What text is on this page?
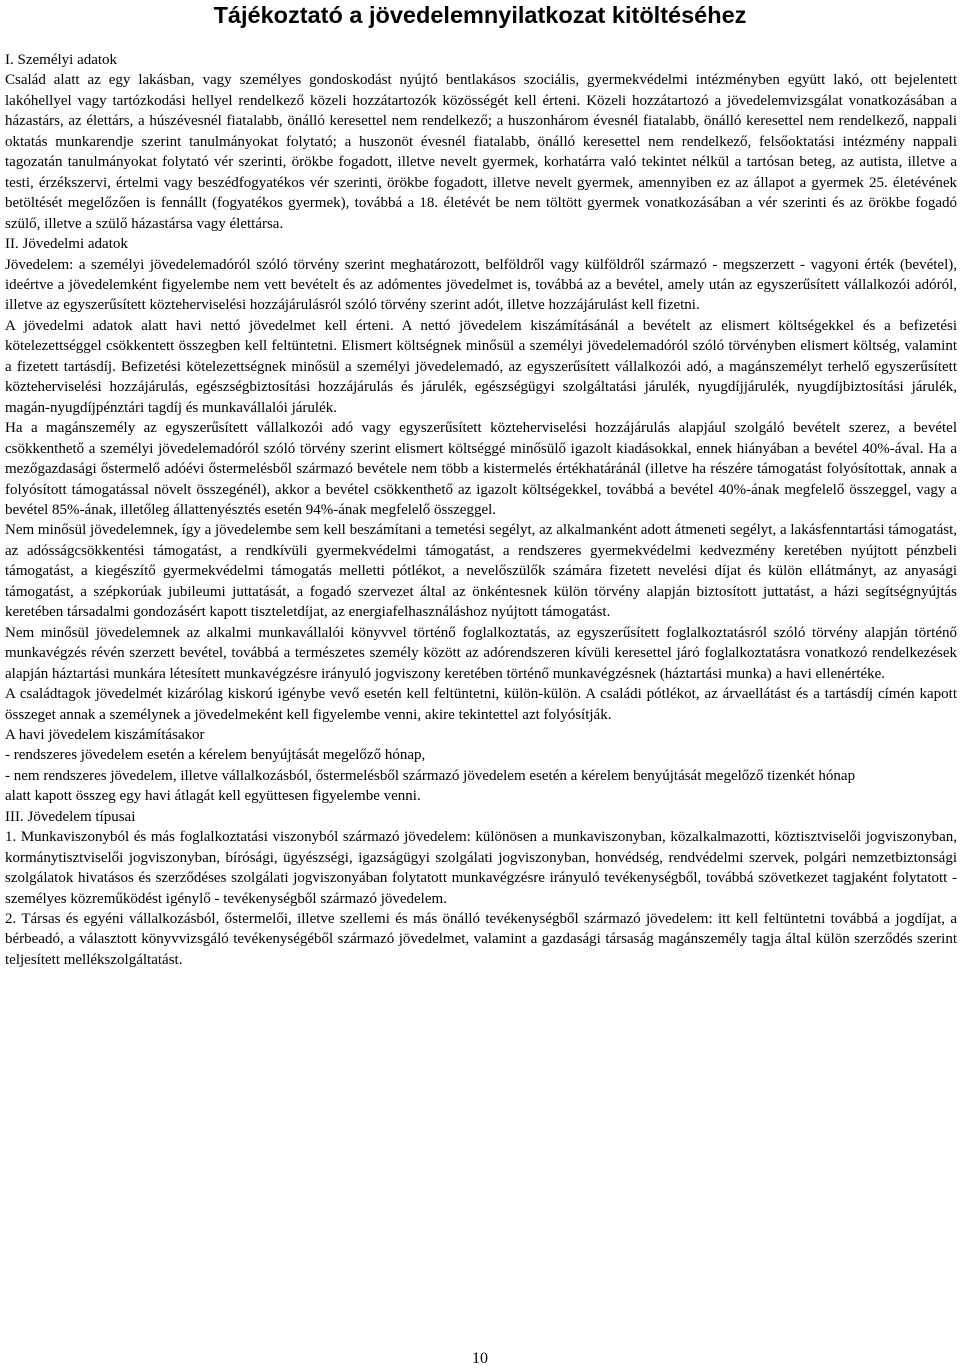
Tájékoztató a jövedelemnyilatkozat kitöltéséhez

I. Személyi adatok

Család alatt az egy lakásban, vagy személyes gondoskodást nyújtó bentlakásos szociális, gyermekvédelmi intézményben együtt lakó, ott bejelentett lakóhellyel vagy tartózkodási hellyel rendelkező közeli hozzátartozók közösségét kell érteni. Közeli hozzátartozó a jövedelemvizsgálat vonatkozásában a házastárs, az élettárs, a húszévesnél fiatalabb, önálló keresettel nem rendelkező; a huszonhárom évesnél fiatalabb, önálló keresettel nem rendelkező, nappali oktatás munkarendje szerint tanulmányokat folytató; a huszonöt évesnél fiatalabb, önálló keresettel nem rendelkező, felsőoktatási intézmény nappali tagozatán tanulmányokat folytató vér szerinti, örökbe fogadott, illetve nevelt gyermek, korhatárra való tekintet nélkül a tartósan beteg, az autista, illetve a testi, érzékszervi, értelmi vagy beszédfogyatékos vér szerinti, örökbe fogadott, illetve nevelt gyermek, amennyiben ez az állapot a gyermek 25. életévének betöltését megelőzően is fennállt (fogyatékos gyermek), továbbá a 18. életévét be nem töltött gyermek vonatkozásában a vér szerinti és az örökbe fogadó szülő, illetve a szülő házastársa vagy élettársa.

II. Jövedelmi adatok

Jövedelem: a személyi jövedelemadóról szóló törvény szerint meghatározott, belföldről vagy külföldről származó - megszerzett - vagyoni érték (bevétel), ideértve a jövedelemként figyelembe nem vett bevételt és az adómentes jövedelmet is, továbbá az a bevétel, amely után az egyszerűsített vállalkozói adóról, illetve az egyszerűsített közteherviselési hozzájárulásról szóló törvény szerint adót, illetve hozzájárulást kell fizetni.

A jövedelmi adatok alatt havi nettó jövedelmet kell érteni. A nettó jövedelem kiszámításánál a bevételt az elismert költségekkel és a befizetési kötelezettséggel csökkentett összegben kell feltüntetni. Elismert költségnek minősül a személyi jövedelemadóról szóló törvényben elismert költség, valamint a fizetett tartásdíj. Befizetési kötelezettségnek minősül a személyi jövedelemadó, az egyszerűsített vállalkozói adó, a magánszemélyt terhelő egyszerűsített közteherviselési hozzájárulás, egészségbiztosítási hozzájárulás és járulék, egészségügyi szolgáltatási járulék, nyugdíjjárulék, nyugdíjbiztosítási járulék, magán-nyugdíjpénztári tagdíj és munkavállalói járulék.

Ha a magánszemély az egyszerűsített vállalkozói adó vagy egyszerűsített közteherviselési hozzájárulás alapjául szolgáló bevételt szerez, a bevétel csökkenthető a személyi jövedelemadóról szóló törvény szerint elismert költséggé minősülő igazolt kiadásokkal, ennek hiányában a bevétel 40%-ával. Ha a mezőgazdasági őstermelő adóévi őstermelésből származó bevétele nem több a kistermelés értékhatáránál (illetve ha részére támogatást folyósítottak, annak a folyósított támogatással növelt összegénél), akkor a bevétel csökkenthető az igazolt költségekkel, továbbá a bevétel 40%-ának megfelelő összeggel, vagy a bevétel 85%-ának, illetőleg állattenyésztés esetén 94%-ának megfelelő összeggel.

Nem minősül jövedelemnek, így a jövedelembe sem kell beszámítani a temetési segélyt, az alkalmanként adott átmeneti segélyt, a lakásfenntartási támogatást, az adósságcsökkentési támogatást, a rendkívüli gyermekvédelmi támogatást, a rendszeres gyermekvédelmi kedvezmény keretében nyújtott pénzbeli támogatást, a kiegészítő gyermekvédelmi támogatás melletti pótlékot, a nevelőszülők számára fizetett nevelési díjat és külön ellátmányt, az anyasági támogatást, a szépkorúak jubileumi juttatását, a fogadó szervezet által az önkéntesnek külön törvény alapján biztosított juttatást, a házi segítségnyújtás keretében társadalmi gondozásért kapott tiszteletdíjat, az energiafelhasználáshoz nyújtott támogatást.

Nem minősül jövedelemnek az alkalmi munkavállalói könyvvel történő foglalkoztatás, az egyszerűsített foglalkoztatásról szóló törvény alapján történő munkavégzés révén szerzett bevétel, továbbá a természetes személy között az adórendszeren kívüli keresettel járó foglalkoztatásra vonatkozó rendelkezések alapján háztartási munkára létesített munkavégzésre irányuló jogviszony keretében történő munkavégzésnek (háztartási munka) a havi ellenértéke.

A családtagok jövedelmét kizárólag kiskorú igénybe vevő esetén kell feltüntetni, külön-külön. A családi pótlékot, az árvaellátást és a tartásdíj címén kapott összeget annak a személynek a jövedelmeként kell figyelembe venni, akire tekintettel azt folyósítják.

A havi jövedelem kiszámításakor

- rendszeres jövedelem esetén a kérelem benyújtását megelőző hónap,

- nem rendszeres jövedelem, illetve vállalkozásból, őstermelésből származó jövedelem esetén a kérelem benyújtását megelőző tizenkét hónap

alatt kapott összeg egy havi átlagát kell együttesen figyelembe venni.

III. Jövedelem típusai

1. Munkaviszonyból és más foglalkoztatási viszonyból származó jövedelem: különösen a munkaviszonyban, közalkalmazotti, köztisztviselői jogviszonyban, kormánytisztviselői jogviszonyban, bírósági, ügyészségi, igazságügyi szolgálati jogviszonyban, honvédség, rendvédelmi szervek, polgári nemzetbiztonsági szolgálatok hivatásos és szerződéses szolgálati jogviszonyában folytatott munkavégzésre irányuló tevékenységből, továbbá szövetkezet tagjaként folytatott - személyes közreműködést igénylő - tevékenységből származó jövedelem.

2. Társas és egyéni vállalkozásból, őstermelői, illetve szellemi és más önálló tevékenységből származó jövedelem: itt kell feltüntetni továbbá a jogdíjat, a bérbeadó, a választott könyvvizsgáló tevékenységéből származó jövedelmet, valamint a gazdasági társaság magánszemély tagja által külön szerződés szerint teljesített mellékszolgáltatást.

10
